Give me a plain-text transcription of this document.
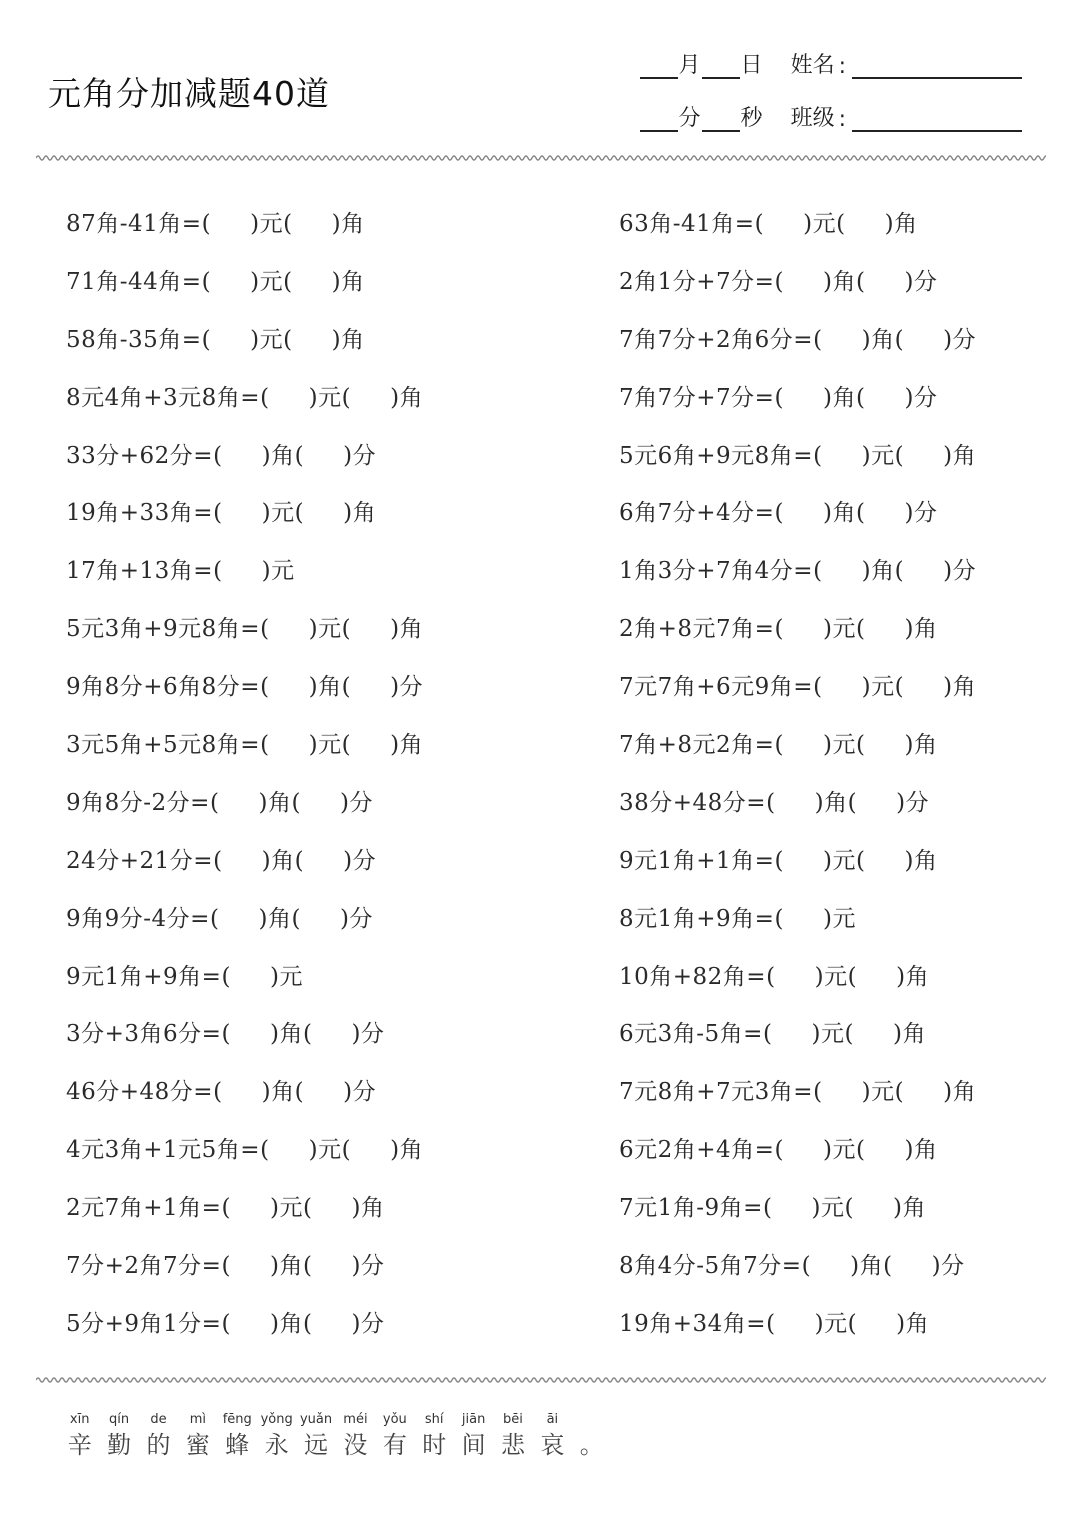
元角分加减题40道
月 日 姓名 :
分 秒 班级 :
87角-41角=(     )元(     )角
71角-44角=(     )元(     )角
58角-35角=(     )元(     )角
8元4角+3元8角=(     )元(     )角
33分+62分=(     )角(     )分
19角+33角=(     )元(     )角
17角+13角=(     )元
5元3角+9元8角=(     )元(     )角
9角8分+6角8分=(     )角(     )分
3元5角+5元8角=(     )元(     )角
9角8分-2分=(     )角(     )分
24分+21分=(     )角(     )分
9角9分-4分=(     )角(     )分
9元1角+9角=(     )元
3分+3角6分=(     )角(     )分
46分+48分=(     )角(     )分
4元3角+1元5角=(     )元(     )角
2元7角+1角=(     )元(     )角
7分+2角7分=(     )角(     )分
5分+9角1分=(     )角(     )分
63角-41角=(     )元(     )角
2角1分+7分=(     )角(     )分
7角7分+2角6分=(     )角(     )分
7角7分+7分=(     )角(     )分
5元6角+9元8角=(     )元(     )角
6角7分+4分=(     )角(     )分
1角3分+7角4分=(     )角(     )分
2角+8元7角=(     )元(     )角
7元7角+6元9角=(     )元(     )角
7角+8元2角=(     )元(     )角
38分+48分=(     )角(     )分
9元1角+1角=(     )元(     )角
8元1角+9角=(     )元
10角+82角=(     )元(     )角
6元3角-5角=(     )元(     )角
7元8角+7元3角=(     )元(     )角
6元2角+4角=(     )元(     )角
7元1角-9角=(     )元(     )角
8角4分-5角7分=(     )角(     )分
19角+34角=(     )元(     )角
xīn
辛
qín
勤
de
的
mì
蜜
fēng
蜂
yǒng
永
yuǎn
远
méi
没
yǒu
有
shí
时
jiān
间
bēi
悲
āi
哀 。
